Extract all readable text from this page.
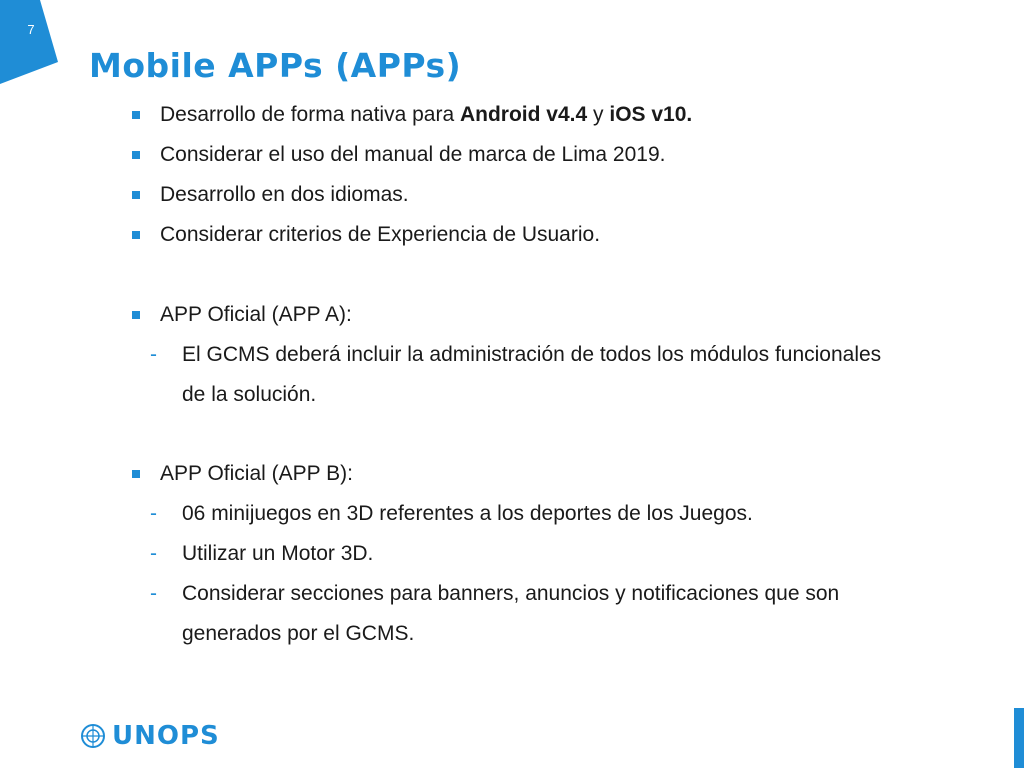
7
Mobile APPs (APPs)
Desarrollo de forma nativa para Android v4.4 y iOS v10.
Considerar el uso del manual de marca de Lima 2019.
Desarrollo en dos idiomas.
Considerar criterios de Experiencia de Usuario.
APP Oficial (APP A):
- El GCMS deberá incluir la administración de todos los módulos funcionales
de la solución.
APP Oficial (APP B):
- 06 minijuegos en 3D referentes a los deportes de los Juegos.
- Utilizar un Motor 3D.
- Considerar secciones para banners, anuncios y notificaciones que son
generados por el GCMS.
UNOPS
